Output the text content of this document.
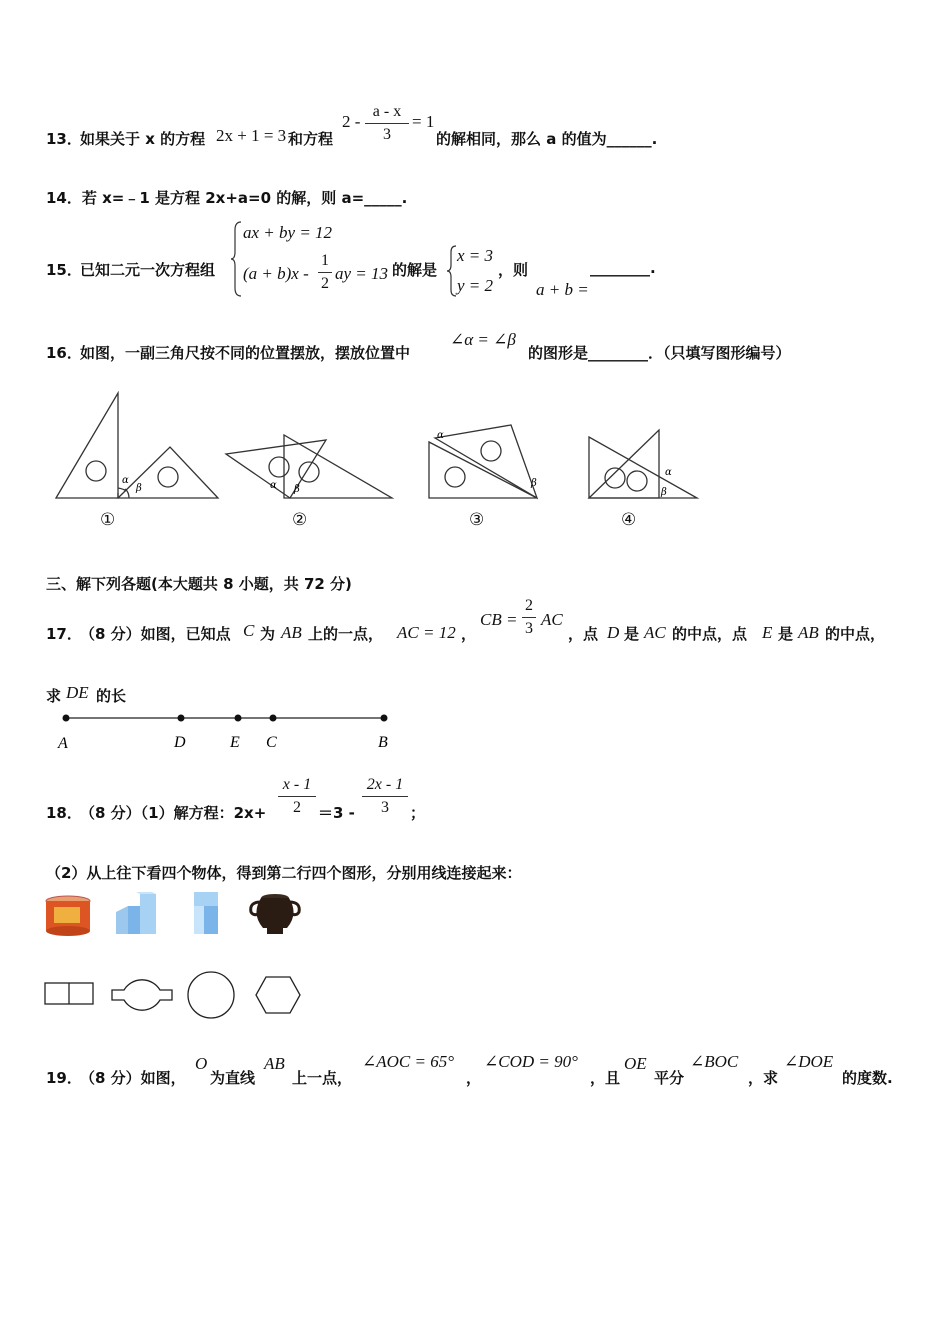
13．
如果关于 x 的方程 2x + 1 = 3 和方程
2 -
a - x
3
= 1
的解相同，那么 a 的值为______.
14．若 x=﹣1 是方程 2x+a=0 的解，则 a=_____.
15．
已知二元一次方程组
ax + by = 12
(a + b)x -
1
2
ay = 13 的解是
x = 3
y = 2
，则
a + b =
________.
16．
如图，一副三角尺按不同的位置摆放，摆放位置中
∠α = ∠β
的图形是________．（只填写图形编号）
α
β	α β
α
β
α
β
①	②	③	④
三、解下列各题(本大题共 8 小题，共 72 分)
17．
（8 分）如图，已知点 C 为 AB 上的一点， AC = 12 ，
CB =
2
3 AC
，点 D 是 AC 的中点，点 E 是 AB 的中点，
求 DE 的长
A	D	E C	B
18．
（8 分）（1）解方程：2x+
x - 1
2	＝3 -
2x - 1
3	；
（2）从上往下看四个物体，得到第二行四个图形，分别用线连接起来：
19．
（8 分）如图，
O
为直线
AB
上一点，
∠AOC = 65°
，
∠COD = 90°
，且
OE
平分
∠BOC
，求
∠DOE
的度数.
